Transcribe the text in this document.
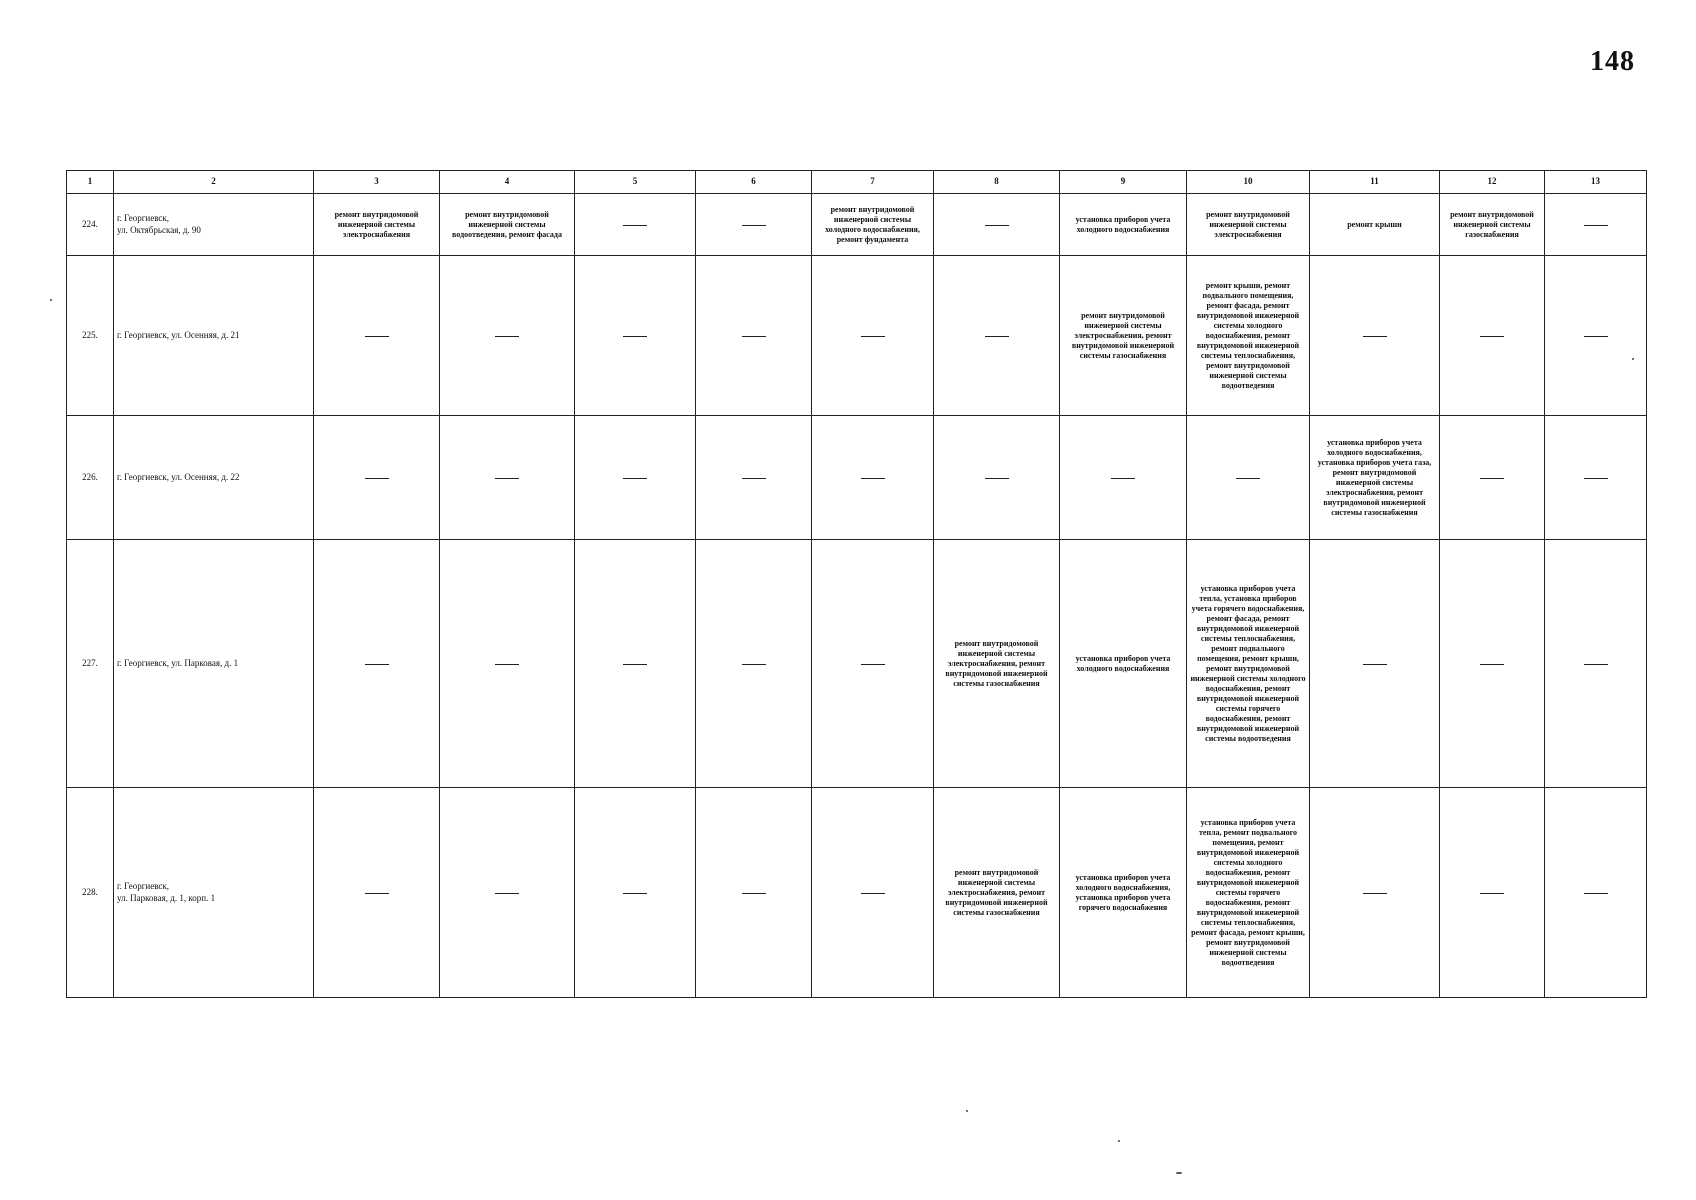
148
1	2	3	4	5	6	7	8	9	10	11	12	13
224.	г. Георгиевск,
ул. Октябрьская, д. 90	ремонт внутридомовой инженерной системы электроснабжения	ремонт внутридомовой инженерной системы водоотведения, ремонт фасада			ремонт внутридомовой инженерной системы холодного водоснабжения, ремонт фундамента		установка приборов учета холодного водоснабжения	ремонт внутридомовой инженерной системы электроснабжения	ремонт крыши	ремонт внутридомовой инженерной системы газоснабжения	
225.	г. Георгиевск, ул. Осенняя, д. 21							ремонт внутридомовой инженерной системы электроснабжения, ремонт внутридомовой инженерной системы газоснабжения	ремонт крыши, ремонт подвального помещения, ремонт фасада, ремонт внутридомовой инженерной системы холодного водоснабжения, ремонт внутридомовой инженерной системы теплоснабжения, ремонт внутридомовой инженерной системы водоотведения			
226.	г. Георгиевск, ул. Осенняя, д. 22									установка приборов учета холодного водоснабжения, установка приборов учета газа, ремонт внутридомовой инженерной системы электроснабжения, ремонт внутридомовой инженерной системы газоснабжения		
227.	г. Георгиевск, ул. Парковая, д. 1						ремонт внутридомовой инженерной системы электроснабжения, ремонт внутридомовой инженерной системы газоснабжения	установка приборов учета холодного водоснабжения	установка приборов учета тепла, установка приборов учета горячего водоснабжения, ремонт фасада, ремонт внутридомовой инженерной системы теплоснабжения, ремонт подвального помещения, ремонт крыши, ремонт внутридомовой инженерной системы холодного водоснабжения, ремонт внутридомовой инженерной системы горячего водоснабжения, ремонт внутридомовой инженерной системы водоотведения			
228.	г. Георгиевск,
ул. Парковая, д. 1, корп. 1						ремонт внутридомовой инженерной системы электроснабжения, ремонт внутридомовой инженерной системы газоснабжения	установка приборов учета холодного водоснабжения, установка приборов учета горячего водоснабжения	установка приборов учета тепла, ремонт подвального помещения, ремонт внутридомовой инженерной системы холодного водоснабжения, ремонт внутридомовой инженерной системы горячего водоснабжения, ремонт внутридомовой инженерной системы теплоснабжения, ремонт фасада, ремонт крыши, ремонт внутридомовой инженерной системы водоотведения			
